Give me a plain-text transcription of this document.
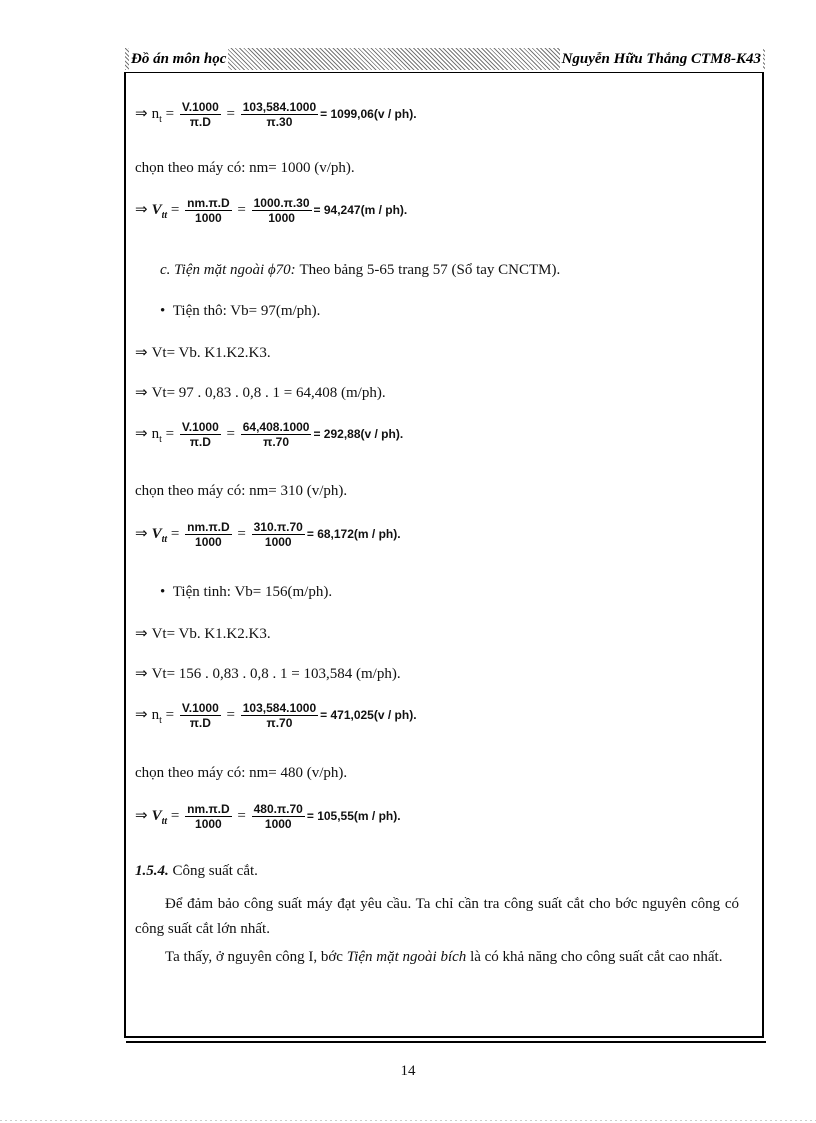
Đồ án môn học	Nguyễn Hữu Thắng CTM8-K43
⇒ $n_t = \frac{V.1000}{\pi.D} = \frac{103,584.1000}{\pi.30} = 1099,06(v / ph)$.
chọn theo máy có: nm= 1000 (v/ph).
⇒ $V_{tt} = \frac{nm.\pi.D}{1000} = \frac{1000.\pi.30}{1000} = 94,247(m / ph)$.
c. Tiện mặt ngoài ϕ70: Theo bảng 5-65 trang 57 (Sổ tay CNCTM).
• Tiện thô: Vb= 97(m/ph).
⇒ Vt= Vb. K1.K2.K3.
⇒ Vt= 97 . 0,83 . 0,8 . 1 = 64,408 (m/ph).
⇒ $n_t = \frac{V.1000}{\pi.D} = \frac{64,408.1000}{\pi.70} = 292,88(v / ph)$.
chọn theo máy có: nm= 310 (v/ph).
⇒ $V_{tt} = \frac{nm.\pi.D}{1000} = \frac{310.\pi.70}{1000} = 68,172(m / ph)$.
• Tiện tinh: Vb= 156(m/ph).
⇒ Vt= Vb. K1.K2.K3.
⇒ Vt= 156 . 0,83 . 0,8 . 1 = 103,584 (m/ph).
⇒ $n_t = \frac{V.1000}{\pi.D} = \frac{103,584.1000}{\pi.70} = 471,025(v / ph)$.
chọn theo máy có: nm= 480 (v/ph).
⇒ $V_{tt} = \frac{nm.\pi.D}{1000} = \frac{480.\pi.70}{1000} = 105,55(m / ph)$.
1.5.4. Công suất cắt.
Để đảm bảo công suất máy đạt yêu cầu. Ta chỉ cần tra công suất cắt cho bớc nguyên công có công suất cắt lớn nhất.
Ta thấy, ở nguyên công I, bớc Tiện mặt ngoài bích là có khả năng cho công suất cắt cao nhất.
14
